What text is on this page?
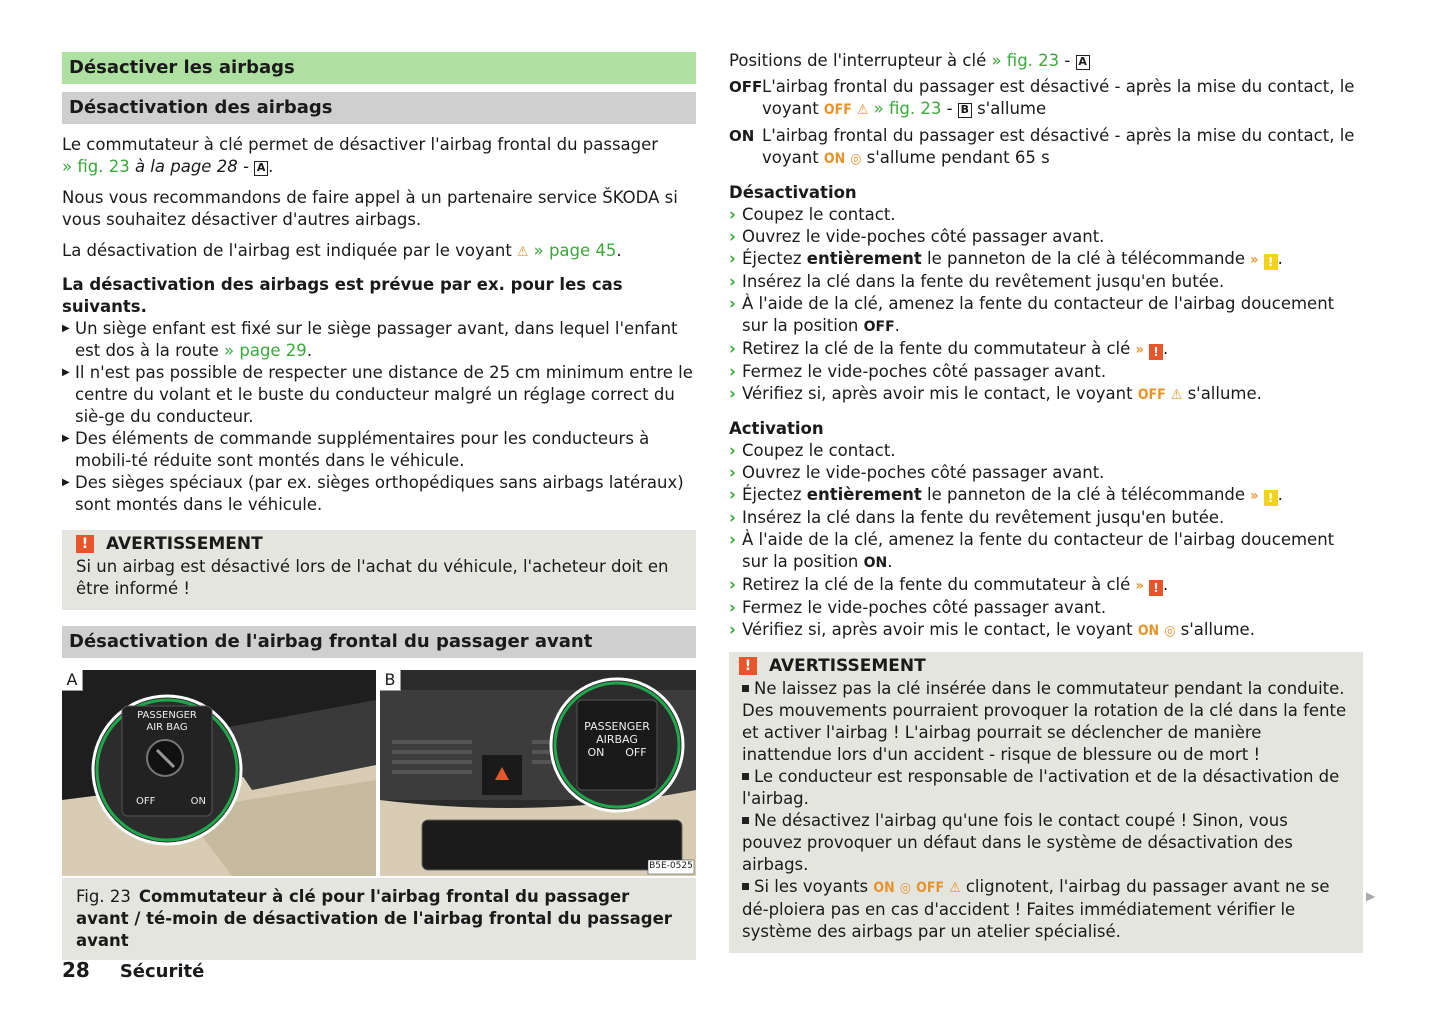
Désactiver les airbags
Désactivation des airbags

Le commutateur à clé permet de désactiver l'airbag frontal du passager
» fig. 23 à la page 28 - A .

Nous vous recommandons de faire appel à un partenaire service ŠKODA si vous souhaitez désactiver d'autres airbags.

La désactivation de l'airbag est indiquée par le voyant ⚠ » page 45.

La désactivation des airbags est prévue par ex. pour les cas suivants.

▶ Un siège enfant est fixé sur le siège passager avant, dans lequel l'enfant est dos à la route » page 29.
▶ Il n'est pas possible de respecter une distance de 25 cm minimum entre le centre du volant et le buste du conducteur malgré un réglage correct du siè-ge du conducteur.
▶ Des éléments de commande supplémentaires pour les conducteurs à mobili-té réduite sont montés dans le véhicule.
▶ Des sièges spéciaux (par ex. sièges orthopédiques sans airbags latéraux) sont montés dans le véhicule.
!	AVERTISSEMENT

Si un airbag est désactivé lors de l'achat du véhicule, l'acheteur doit en être informé !

Désactivation de l'airbag frontal du passager avant
A	B
PASSENGER
AIR BAG
OFF	ON
PASSENGER
AIRBAG
ON OFF
B5E-0525
Fig. 23 Commutateur à clé pour l'airbag frontal du passager avant / té-moin de désactivation de l'airbag frontal du passager avant

Positions de l'interrupteur à clé » fig. 23 - A

OFF L'airbag frontal du passager est désactivé - après la mise du contact, le voyant OFF ⚠ » fig. 23 - B s'allume
ON L'airbag frontal du passager est désactivé - après la mise du contact, le voyant ON ◎ s'allume pendant 65 s

Désactivation

› Coupez le contact.
› Ouvrez le vide-poches côté passager avant.
› Éjectez entièrement le panneton de la clé à télécommande » ! .
› Insérez la clé dans la fente du revêtement jusqu'en butée.
› À l'aide de la clé, amenez la fente du contacteur de l'airbag doucement sur la position OFF.
› Retirez la clé de la fente du commutateur à clé » ! .
› Fermez le vide-poches côté passager avant.
› Vérifiez si, après avoir mis le contact, le voyant OFF ⚠ s'allume.

Activation

› Coupez le contact.
› Ouvrez le vide-poches côté passager avant.
› Éjectez entièrement le panneton de la clé à télécommande » ! .
› Insérez la clé dans la fente du revêtement jusqu'en butée.
› À l'aide de la clé, amenez la fente du contacteur de l'airbag doucement sur la position ON.
› Retirez la clé de la fente du commutateur à clé » ! .
› Fermez le vide-poches côté passager avant.
› Vérifiez si, après avoir mis le contact, le voyant ON ◎ s'allume.
!	AVERTISSEMENT

Ne laissez pas la clé insérée dans le commutateur pendant la conduite. Des mouvements pourraient provoquer la rotation de la clé dans la fente et activer l'airbag ! L'airbag pourrait se déclencher de manière inattendue lors d'un accident - risque de blessure ou de mort !

Le conducteur est responsable de l'activation et de la désactivation de l'airbag.

Ne désactivez l'airbag qu'une fois le contact coupé ! Sinon, vous pouvez provoquer un défaut dans le système de désactivation des airbags.

Si les voyants ON ◎ OFF ⚠ clignotent, l'airbag du passager avant ne se dé-ploiera pas en cas d'accident ! Faites immédiatement vérifier le système des airbags par un atelier spécialisé.

▶
28 Sécurité
